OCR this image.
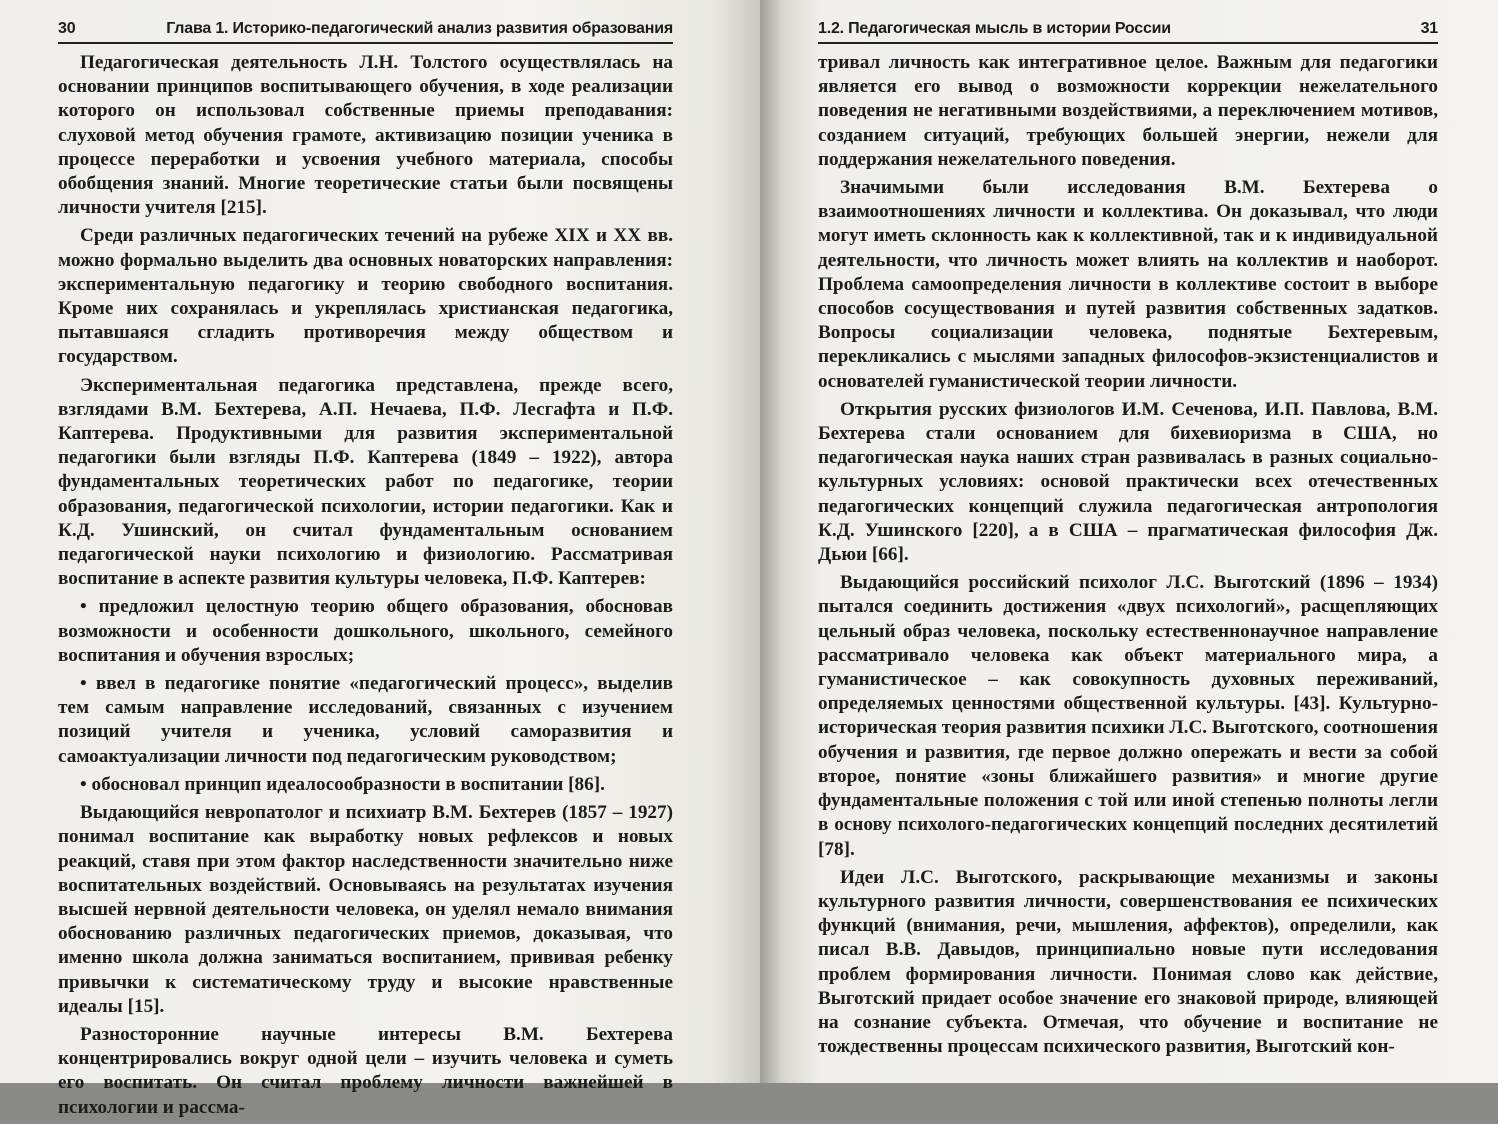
30	Глава 1. Историко-педагогический анализ развития образования

Педагогическая деятельность Л.Н. Толстого осуществлялась на основании принципов воспитывающего обучения, в ходе реализации которого он использовал собственные приемы преподавания: слуховой метод обучения грамоте, активизацию позиции ученика в процессе переработки и усвоения учебного материала, способы обобщения знаний. Многие теоретические статьи были посвящены личности учителя [215].

Среди различных педагогических течений на рубеже XIX и XX вв. можно формально выделить два основных новаторских направления: экспериментальную педагогику и теорию свободного воспитания. Кроме них сохранялась и укреплялась христианская педагогика, пытавшаяся сгладить противоречия между обществом и государством.

Экспериментальная педагогика представлена, прежде всего, взглядами В.М. Бехтерева, А.П. Нечаева, П.Ф. Лесгафта и П.Ф. Каптерева. Продуктивными для развития экспериментальной педагогики были взгляды П.Ф. Каптерева (1849 – 1922), автора фундаментальных теоретических работ по педагогике, теории образования, педагогической психологии, истории педагогики. Как и К.Д. Ушинский, он считал фундаментальным основанием педагогической науки психологию и физиологию. Рассматривая воспитание в аспекте развития культуры человека, П.Ф. Каптерев:

• предложил целостную теорию общего образования, обосновав возможности и особенности дошкольного, школьного, семейного воспитания и обучения взрослых;

• ввел в педагогике понятие «педагогический процесс», выделив тем самым направление исследований, связанных с изучением позиций учителя и ученика, условий саморазвития и самоактуализации личности под педагогическим руководством;

• обосновал принцип идеалосообразности в воспитании [86].

Выдающийся невропатолог и психиатр В.М. Бехтерев (1857 – 1927) понимал воспитание как выработку новых рефлексов и новых реакций, ставя при этом фактор наследственности значительно ниже воспитательных воздействий. Основываясь на результатах изучения высшей нервной деятельности человека, он уделял немало внимания обоснованию различных педагогических приемов, доказывая, что именно школа должна заниматься воспитанием, прививая ребенку привычки к систематическому труду и высокие нравственные идеалы [15].

Разносторонние научные интересы В.М. Бехтерева концентрировались вокруг одной цели – изучить человека и суметь его воспитать. Он считал проблему личности важнейшей в психологии и рассма-

1.2. Педагогическая мысль в истории России	31

тривал личность как интегративное целое. Важным для педагогики является его вывод о возможности коррекции нежелательного поведения не негативными воздействиями, а переключением мотивов, созданием ситуаций, требующих большей энергии, нежели для поддержания нежелательного поведения.

Значимыми были исследования В.М. Бехтерева о взаимоотношениях личности и коллектива. Он доказывал, что люди могут иметь склонность как к коллективной, так и к индивидуальной деятельности, что личность может влиять на коллектив и наоборот. Проблема самоопределения личности в коллективе состоит в выборе способов сосуществования и путей развития собственных задатков. Вопросы социализации человека, поднятые Бехтеревым, перекликались с мыслями западных философов-экзистенциалистов и основателей гуманистической теории личности.

Открытия русских физиологов И.М. Сеченова, И.П. Павлова, В.М. Бехтерева стали основанием для бихевиоризма в США, но педагогическая наука наших стран развивалась в разных социально-культурных условиях: основой практически всех отечественных педагогических концепций служила педагогическая антропология К.Д. Ушинского [220], а в США – прагматическая философия Дж. Дьюи [66].

Выдающийся российский психолог Л.С. Выготский (1896 – 1934) пытался соединить достижения «двух психологий», расщепляющих цельный образ человека, поскольку естественнонаучное направление рассматривало человека как объект материального мира, а гуманистическое – как совокупность духовных переживаний, определяемых ценностями общественной культуры. [43]. Культурно-историческая теория развития психики Л.С. Выготского, соотношения обучения и развития, где первое должно опережать и вести за собой второе, понятие «зоны ближайшего развития» и многие другие фундаментальные положения с той или иной степенью полноты легли в основу психолого-педагогических концепций последних десятилетий [78].

Идеи Л.С. Выготского, раскрывающие механизмы и законы культурного развития личности, совершенствования ее психических функций (внимания, речи, мышления, аффектов), определили, как писал В.В. Давыдов, принципиально новые пути исследования проблем формирования личности. Понимая слово как действие, Выготский придает особое значение его знаковой природе, влияющей на сознание субъекта. Отмечая, что обучение и воспитание не тождественны процессам психического развития, Выготский кон-
